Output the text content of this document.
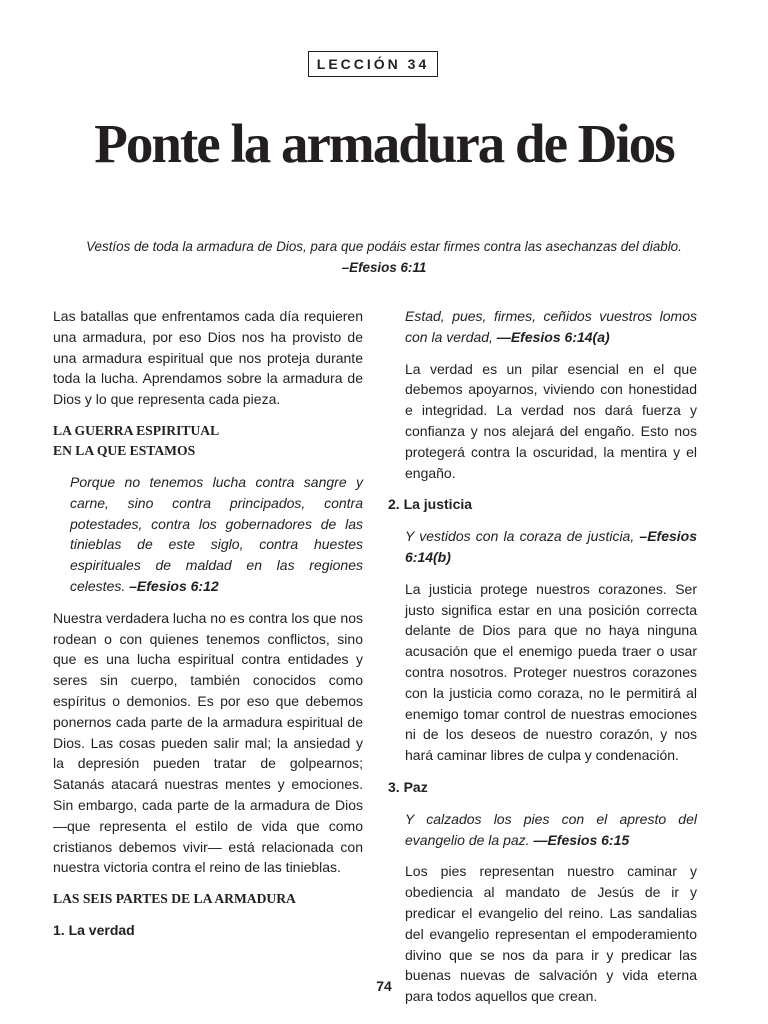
LECCIÓN 34
Ponte la armadura de Dios
Vestíos de toda la armadura de Dios, para que podáis estar firmes contra las asechanzas del diablo.
–Efesios 6:11

Las batallas que enfrentamos cada día requieren una armadura, por eso Dios nos ha provisto de una armadura espiritual que nos proteja durante toda la lucha. Aprendamos sobre la armadura de Dios y lo que representa cada pieza.

LA GUERRA ESPIRITUAL
EN LA QUE ESTAMOS

Porque no tenemos lucha contra sangre y carne, sino contra principados, contra potestades, contra los gobernadores de las tinieblas de este siglo, contra huestes espirituales de maldad en las regiones celestes. –Efesios 6:12

Nuestra verdadera lucha no es contra los que nos rodean o con quienes tenemos conflictos, sino que es una lucha espiritual contra entidades y seres sin cuerpo, también conocidos como espíritus o demonios. Es por eso que debemos ponernos cada parte de la armadura espiritual de Dios. Las cosas pueden salir mal; la ansiedad y la depresión pueden tratar de golpearnos; Satanás atacará nuestras mentes y emociones. Sin embargo, cada parte de la armadura de Dios —que representa el estilo de vida que como cristianos debemos vivir— está relacionada con nuestra victoria contra el reino de las tinieblas.

LAS SEIS PARTES DE LA ARMADURA
1. La verdad

Estad, pues, firmes, ceñidos vuestros lomos con la verdad, —Efesios 6:14(a)

La verdad es un pilar esencial en el que debemos apoyarnos, viviendo con honestidad e integridad. La verdad nos dará fuerza y confianza y nos alejará del engaño. Esto nos protegerá contra la oscuridad, la mentira y el engaño.

2. La justicia

Y vestidos con la coraza de justicia, –Efesios 6:14(b)

La justicia protege nuestros corazones. Ser justo significa estar en una posición correcta delante de Dios para que no haya ninguna acusación que el enemigo pueda traer o usar contra nosotros. Proteger nuestros corazones con la justicia como coraza, no le permitirá al enemigo tomar control de nuestras emociones ni de los deseos de nuestro corazón, y nos hará caminar libres de culpa y condenación.

3. Paz

Y calzados los pies con el apresto del evangelio de la paz. —Efesios 6:15

Los pies representan nuestro caminar y obediencia al mandato de Jesús de ir y predicar el evangelio del reino. Las sandalias del evangelio representan el empoderamiento divino que se nos da para ir y predicar las buenas nuevas de salvación y vida eterna para todos aquellos que crean.

74
